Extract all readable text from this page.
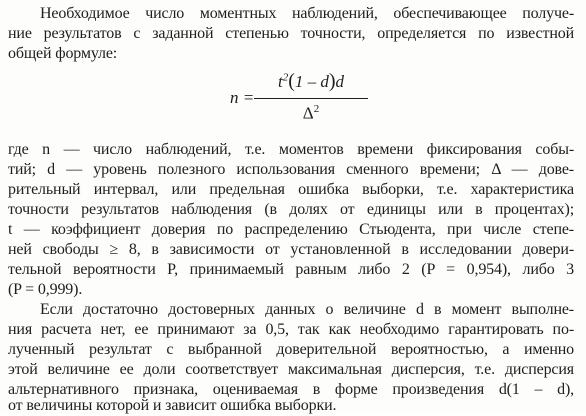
Необходимое число моментных наблюдений, обеспечивающее получе-
ние результатов с заданной степенью точности, определяется по известной
общей формуле:
n =
$t^2(1 - d)d$
$\Delta^2$
где n — число наблюдений, т.е. моментов времени фиксирования собы-
тий; d — уровень полезного использования сменного времени; Δ — дове-
рительный интервал, или предельная ошибка выборки, т.е. характеристика
точности результатов наблюдения (в долях от единицы или в процентах);
t — коэффициент доверия по распределению Стьюдента, при числе степе-
ней свободы ≥ 8, в зависимости от установленной в исследовании довери-
тельной вероятности P, принимаемый равным либо 2 (P = 0,954), либо 3
(P = 0,999).
Если достаточно достоверных данных о величине d в момент выполне-
ния расчета нет, ее принимают за 0,5, так как необходимо гарантировать по-
лученный результат с выбранной доверительной вероятностью, а именно
этой величине ее доли соответствует максимальная дисперсия, т.е. дисперсия
альтернативного признака, оцениваемая в форме произведения d(1 – d),
от величины которой и зависит ошибка выборки.
